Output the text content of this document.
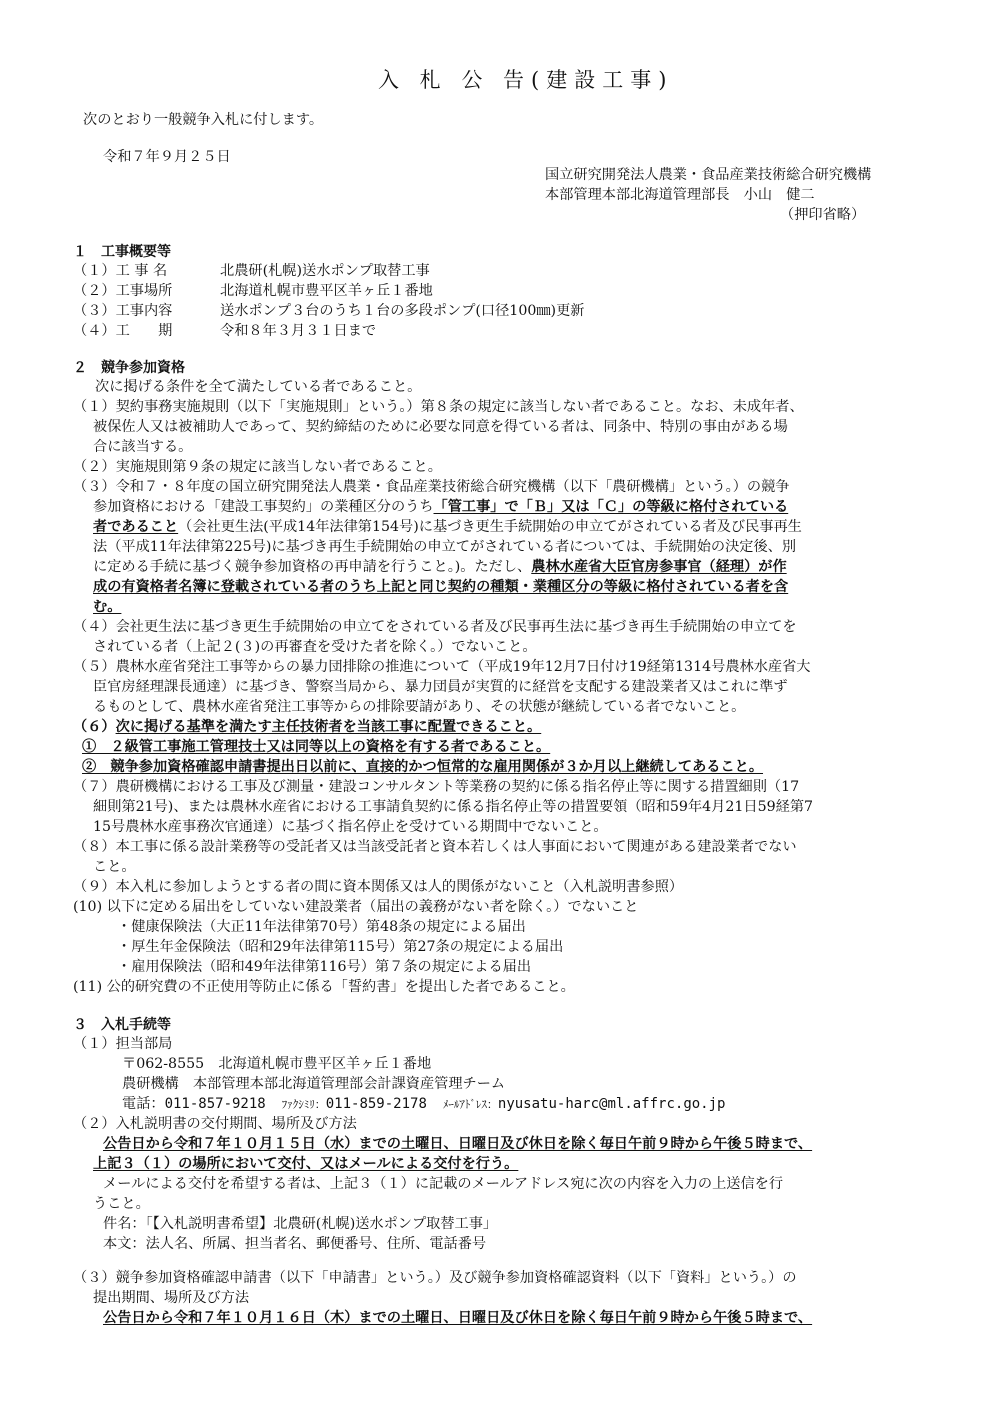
入 札 公 告(建設工事)
次のとおり一般競争入札に付します。
令和７年９月２５日
国立研究開発法人農業・食品産業技術総合研究機構
本部管理本部北海道管理部長　小山　健二
（押印省略）
１　工事概要等
（１）工 事 名	北農研(札幌)送水ポンプ取替工事
（２）工事場所	北海道札幌市豊平区羊ヶ丘１番地
（３）工事内容	送水ポンプ３台のうち１台の多段ポンプ(口径100㎜)更新
（４）工　　期	令和８年３月３１日まで
２　競争参加資格
次に掲げる条件を全て満たしている者であること。
（１）契約事務実施規則（以下「実施規則」という。）第８条の規定に該当しない者であること。なお、未成年者、
被保佐人又は被補助人であって、契約締結のために必要な同意を得ている者は、同条中、特別の事由がある場
合に該当する。
（２）実施規則第９条の規定に該当しない者であること。
（３）令和７・８年度の国立研究開発法人農業・食品産業技術総合研究機構（以下「農研機構」という。）の競争
参加資格における「建設工事契約」の業種区分のうち「管工事」で「Ｂ」又は「Ｃ」の等級に格付されている
者であること（会社更生法(平成14年法律第154号)に基づき更生手続開始の申立てがされている者及び民事再生
法（平成11年法律第225号)に基づき再生手続開始の申立てがされている者については、手続開始の決定後、別
に定める手続に基づく競争参加資格の再申請を行うこと。)。ただし、農林水産省大臣官房参事官（経理）が作
成の有資格者名簿に登載されている者のうち上記と同じ契約の種類・業種区分の等級に格付されている者を含
む。
（４）会社更生法に基づき更生手続開始の申立てをされている者及び民事再生法に基づき再生手続開始の申立てを
されている者（上記２(３)の再審査を受けた者を除く。）でないこと。
（５）農林水産省発注工事等からの暴力団排除の推進について（平成19年12月7日付け19経第1314号農林水産省大
臣官房経理課長通達）に基づき、警察当局から、暴力団員が実質的に経営を支配する建設業者又はこれに準ず
るものとして、農林水産省発注工事等からの排除要請があり、その状態が継続している者でないこと。
（６）次に掲げる基準を満たす主任技術者を当該工事に配置できること。
①　２級管工事施工管理技士又は同等以上の資格を有する者であること。
②　競争参加資格確認申請書提出日以前に、直接的かつ恒常的な雇用関係が３か月以上継続してあること。
（７）農研機構における工事及び測量・建設コンサルタント等業務の契約に係る指名停止等に関する措置細則（17
細則第21号)、または農林水産省における工事請負契約に係る指名停止等の措置要領（昭和59年4月21日59経第7
15号農林水産事務次官通達）に基づく指名停止を受けている期間中でないこと。
（８）本工事に係る設計業務等の受託者又は当該受託者と資本若しくは人事面において関連がある建設業者でない
こと。
（９）本入札に参加しようとする者の間に資本関係又は人的関係がないこと（入札説明書参照）
(10) 以下に定める届出をしていない建設業者（届出の義務がない者を除く。）でないこと
・健康保険法（大正11年法律第70号）第48条の規定による届出
・厚生年金保険法（昭和29年法律第115号）第27条の規定による届出
・雇用保険法（昭和49年法律第116号）第７条の規定による届出
(11) 公的研究費の不正使用等防止に係る「誓約書」を提出した者であること。
３　入札手続等
（１）担当部局
〒062-8555　北海道札幌市豊平区羊ヶ丘１番地
農研機構　本部管理本部北海道管理部会計課資産管理チーム
電話：011-857-9218 ﾌｧｸｼﾐﾘ：011-859-2178 ﾒｰﾙｱﾄﾞﾚｽ：nyusatu-harc@ml.affrc.go.jp
（２）入札説明書の交付期間、場所及び方法
公告日から令和７年１０月１５日（水）までの土曜日、日曜日及び休日を除く毎日午前９時から午後５時まで、
上記３（１）の場所において交付、又はメールによる交付を行う。
メールによる交付を希望する者は、上記３（１）に記載のメールアドレス宛に次の内容を入力の上送信を行
うこと。
件名：「【入札説明書希望】北農研(札幌)送水ポンプ取替工事」
本文：法人名、所属、担当者名、郵便番号、住所、電話番号
（３）競争参加資格確認申請書（以下「申請書」という。）及び競争参加資格確認資料（以下「資料」という。）の
提出期間、場所及び方法
公告日から令和７年１０月１６日（木）までの土曜日、日曜日及び休日を除く毎日午前９時から午後５時まで、
